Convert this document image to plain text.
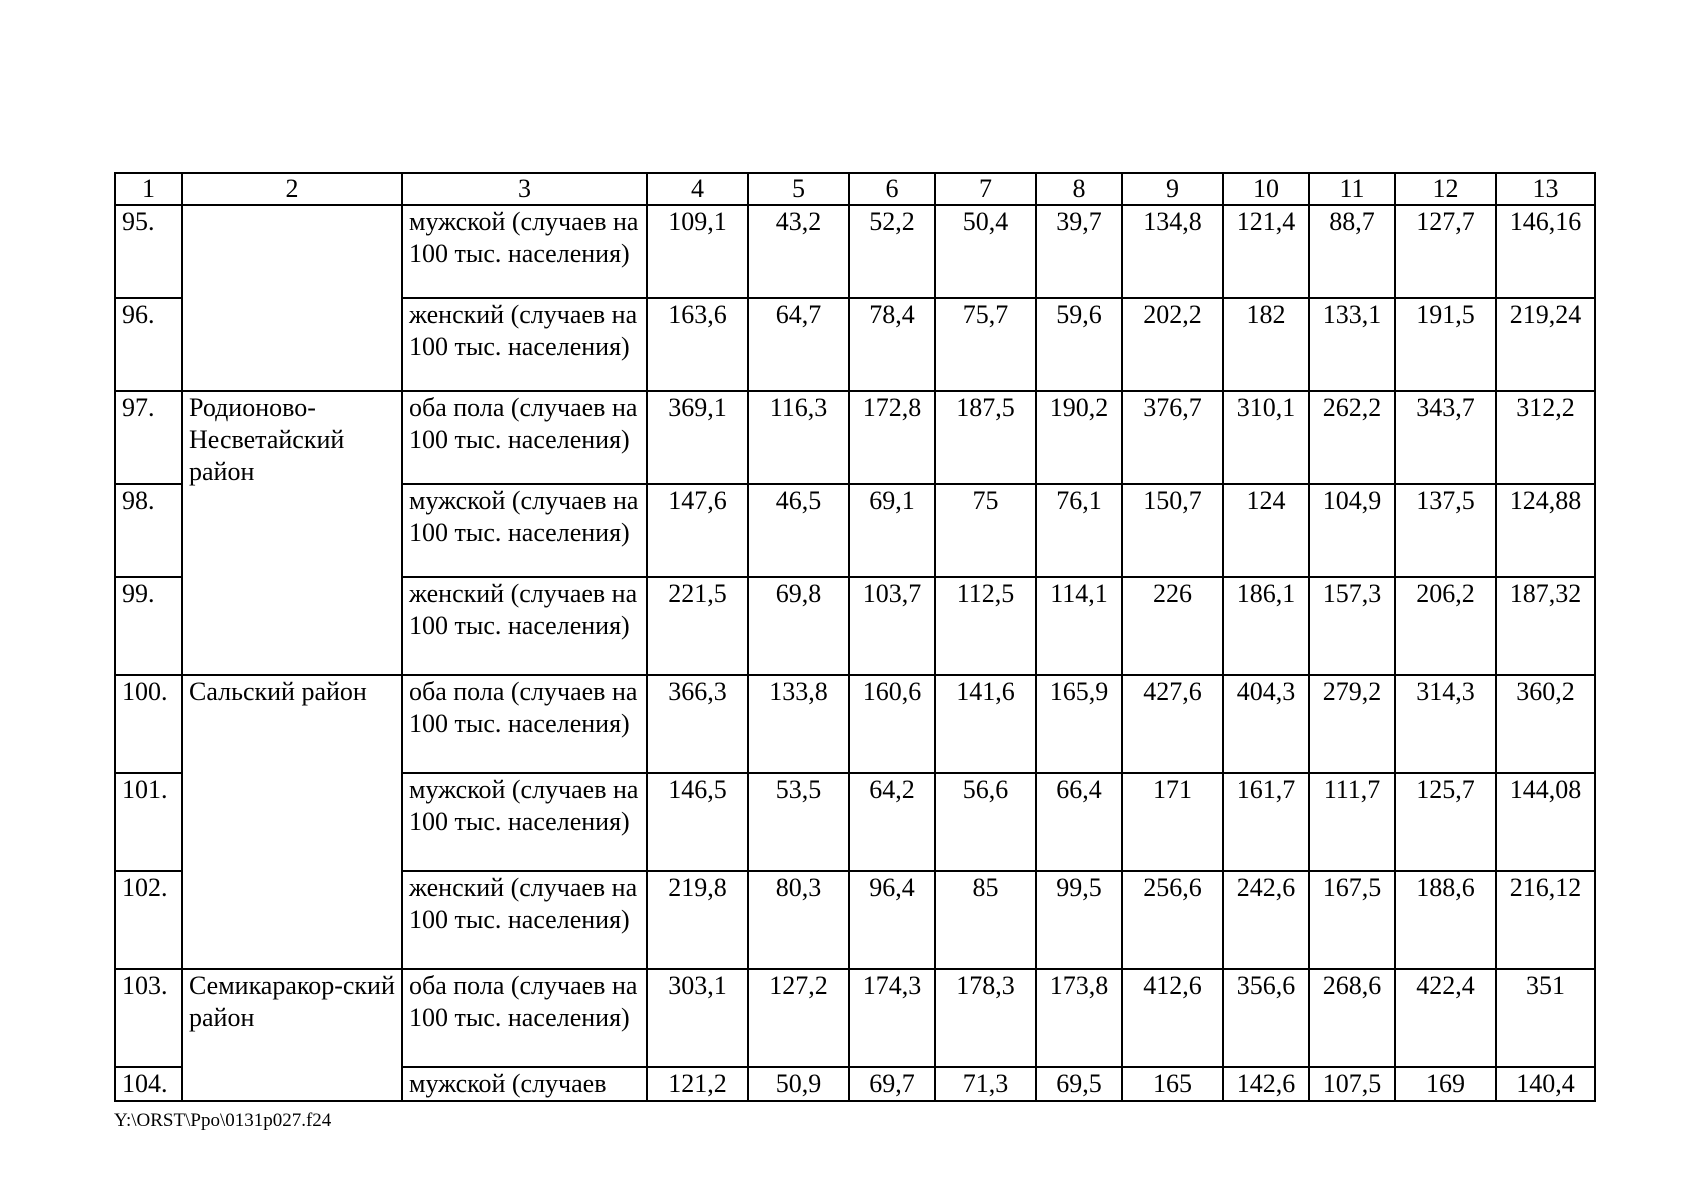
1	2	3	4	5	6	7	8	9	10	11	12	13
95.		мужской (случаев на 100 тыс. населения)	109,1	43,2	52,2	50,4	39,7	134,8	121,4	88,7	127,7	146,16
96.		женский (случаев на 100 тыс. населения)	163,6	64,7	78,4	75,7	59,6	202,2	182	133,1	191,5	219,24
97.	Родионово-Несветайский район	оба пола (случаев на 100 тыс. населения)	369,1	116,3	172,8	187,5	190,2	376,7	310,1	262,2	343,7	312,2
98.		мужской (случаев на 100 тыс. населения)	147,6	46,5	69,1	75	76,1	150,7	124	104,9	137,5	124,88
99.		женский (случаев на 100 тыс. населения)	221,5	69,8	103,7	112,5	114,1	226	186,1	157,3	206,2	187,32
100.	Сальский район	оба пола (случаев на 100 тыс. населения)	366,3	133,8	160,6	141,6	165,9	427,6	404,3	279,2	314,3	360,2
101.		мужской (случаев на 100 тыс. населения)	146,5	53,5	64,2	56,6	66,4	171	161,7	111,7	125,7	144,08
102.		женский (случаев на 100 тыс. населения)	219,8	80,3	96,4	85	99,5	256,6	242,6	167,5	188,6	216,12
103.	Семикаракор-ский район	оба пола (случаев на 100 тыс. населения)	303,1	127,2	174,3	178,3	173,8	412,6	356,6	268,6	422,4	351
104.		мужской (случаев	121,2	50,9	69,7	71,3	69,5	165	142,6	107,5	169	140,4
Y:\ORST\Ppo\0131p027.f24
